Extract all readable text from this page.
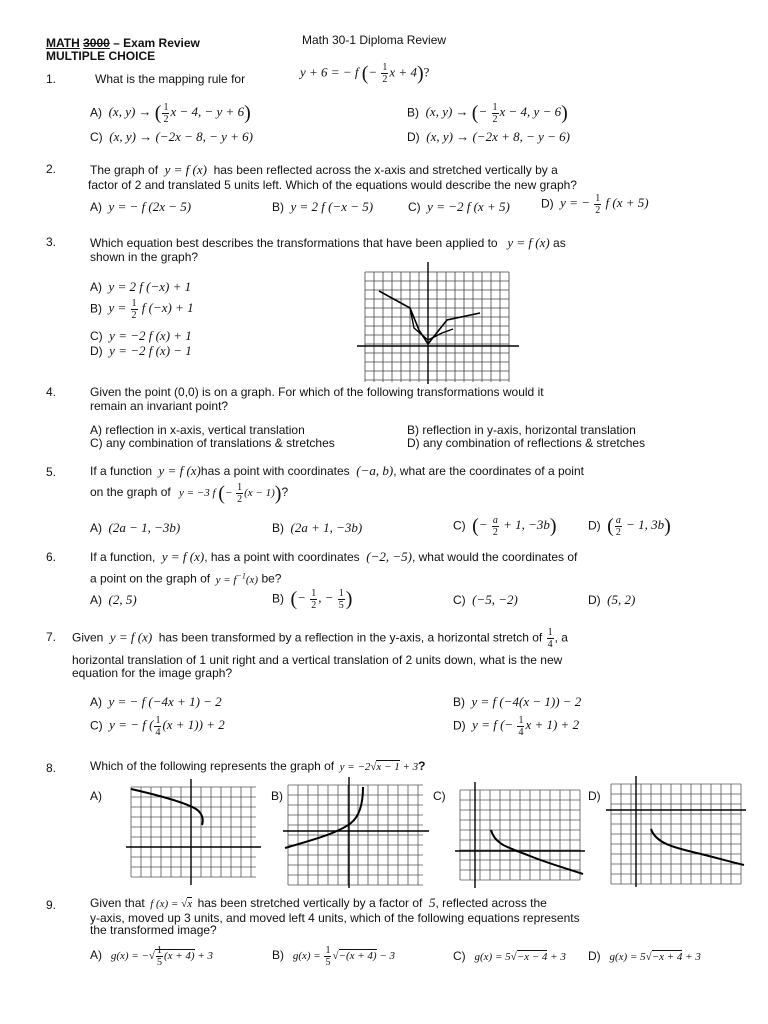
MATH 3000 – Exam Review
MULTIPLE CHOICE
Math 30-1 Diploma Review
1.	What is the mapping rule for	y + 6 = − f (− $\frac{1}{2}$ x + 4)?
A)  (x, y) → ( $\frac{1}{2}$ x − 4, − y + 6)	B)  (x, y) → (− $\frac{1}{2}$ x − 4, y − 6)
C)  (x, y) → (−2x − 8, − y + 6)	D)  (x, y) → (−2x + 8, − y − 6)
2.	The graph of  y = f (x)  has been reflected across the x-axis and stretched vertically by a
factor of 2 and translated 5 units left. Which of the equations would describe the new graph?
A)  y = − f (2x − 5)	B)  y = 2 f (−x − 5)	C)  y = −2 f (x + 5)	D)  y = − $\frac{1}{2}$ f (x + 5)
3.	Which equation best describes the transformations that have been applied to   y = f (x) as
shown in the graph?
A)  y = 2 f (−x) + 1
B)  $y = \frac{1}{2}$ f (−x) + 1
C)  y = −2 f (x) + 1
D)  y = −2 f (x) − 1
4.	Given the point (0,0) is on a graph. For which of the following transformations would it
remain an invariant point?
A) reflection in x-axis, vertical translation	B) reflection in y-axis, horizontal translation
C) any combination of translations & stretches	D) any combination of reflections & stretches
5.	If a function  y = f (x)has a point with coordinates  (−a, b), what are the coordinates of a point
on the graph of   y = −3 f (− $\frac{1}{2} (x - 1)$)?
A)  (2a − 1, −3b)	B)  (2a + 1, −3b)	C) (− $\frac{a}{2} + 1$, −3b)	D) ( $\frac{a}{2} - 1$, 3b)
6.	If a function,  y = f (x), has a point with coordinates  (−2, −5), what would the coordinates of
a point on the graph of  $y = f^{-1}(x)$ be?
A)  (2, 5)	B) (− $\frac{1}{2}$ , − $\frac{1}{5}$ )	C)  (−5, −2)	D)  (5, 2)
7. Given  y = f (x)  has been transformed by a reflection in the y-axis, a horizontal stretch of $\frac{1}{4}$ , a
horizontal translation of 1 unit right and a vertical translation of 2 units down, what is the new
equation for the image graph?
A)  y = − f (−4x + 1) − 2	B)  y = f (−4(x − 1)) − 2
C)  y = − f ( $\frac{1}{4} (x + 1)) + 2$	D)  y = f (− $\frac{1}{4}$ x + 1) + 2
8.	Which of the following represents the graph of  y = −2√x − 1 + 3?
A)	B)	C)	D)
9.	Given that  f (x) = √x has been stretched vertically by a factor of  5, reflected across the
y-axis, moved up 3 units, and moved left 4 units, which of the following equations represents
the transformed image?
A)   g(x) = −√ $\frac{1}{5} (x + 4) + 3$	B)   $g(x) = \frac{1}{5} √-(x + 4) - 3$	C)   g(x) = 5√−x − 4 + 3 D)   g(x) = 5√−x + 4 + 3
